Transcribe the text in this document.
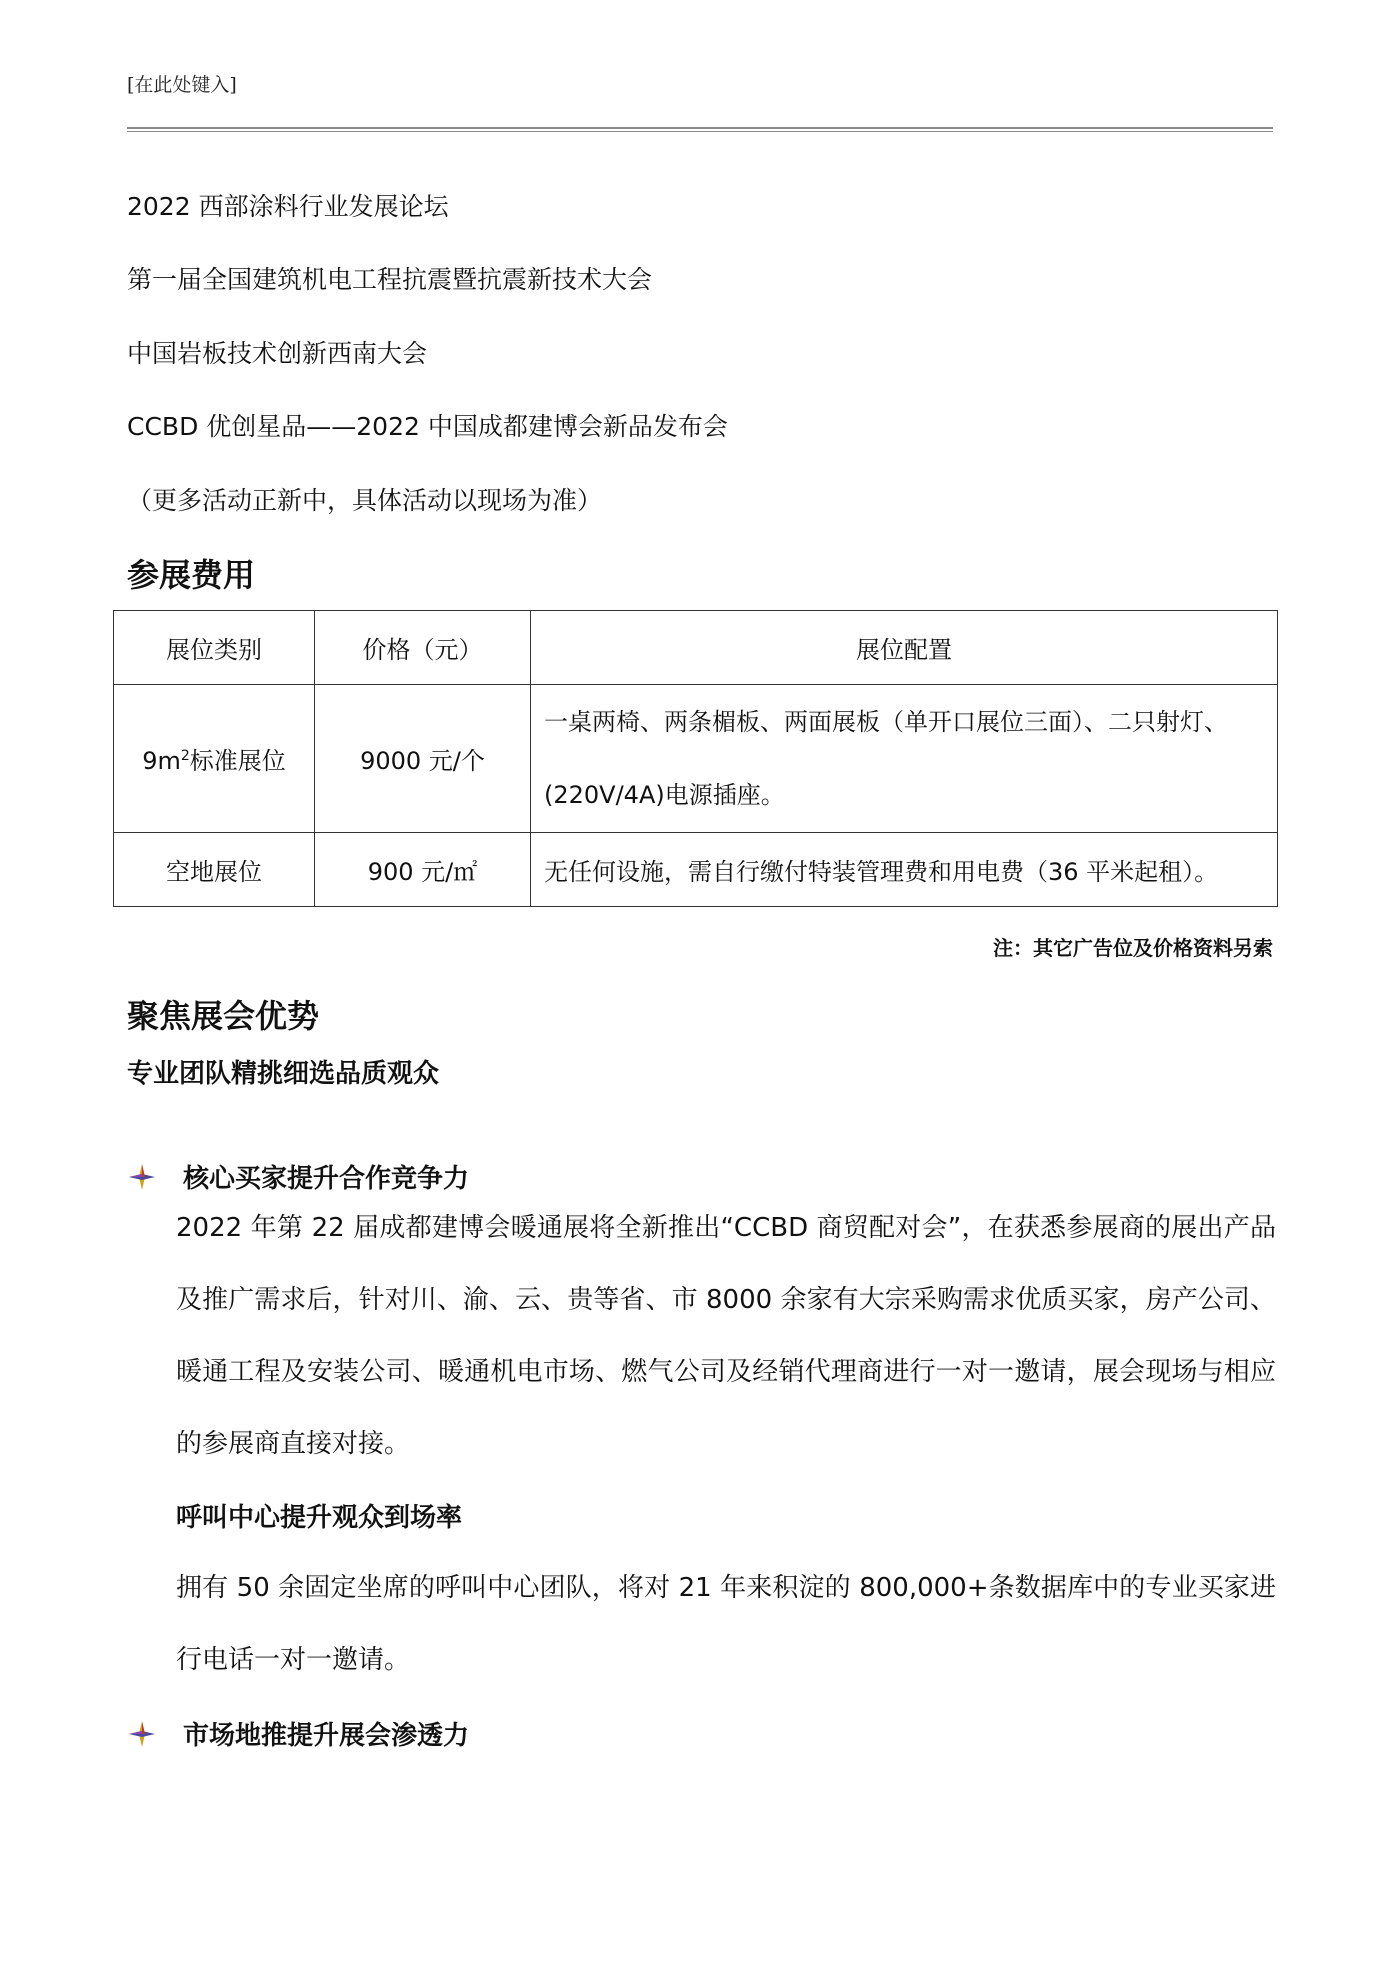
[在此处键入]
2022 西部涂料行业发展论坛
第一届全国建筑机电工程抗震暨抗震新技术大会
中国岩板技术创新西南大会
CCBD 优创星品——2022 中国成都建博会新品发布会
（更多活动正新中，具体活动以现场为准）
参展费用
展位类别	价格（元）	展位配置
$9m^2$标准展位	9000 元/个	一桌两椅、两条楣板、两面展板（单开口展位三面）、二只射灯、
(220V/4A)电源插座。

空地展位	900 元/㎡	无任何设施，需自行缴付特装管理费和用电费（36 平米起租）。
注：其它广告位及价格资料另索
聚焦展会优势
专业团队精挑细选品质观众
核心买家提升合作竞争力
2022 年第 22 届成都建博会暖通展将全新推出“CCBD 商贸配对会”，在获悉参展商的展出产品及推广需求后，针对川、渝、云、贵等省、市 8000 余家有大宗采购需求优质买家，房产公司、暖通工程及安装公司、暖通机电市场、燃气公司及经销代理商进行一对一邀请，展会现场与相应的参展商直接对接。
呼叫中心提升观众到场率
拥有 50 余固定坐席的呼叫中心团队，将对 21 年来积淀的 800,000+条数据库中的专业买家进行电话一对一邀请。
市场地推提升展会渗透力
